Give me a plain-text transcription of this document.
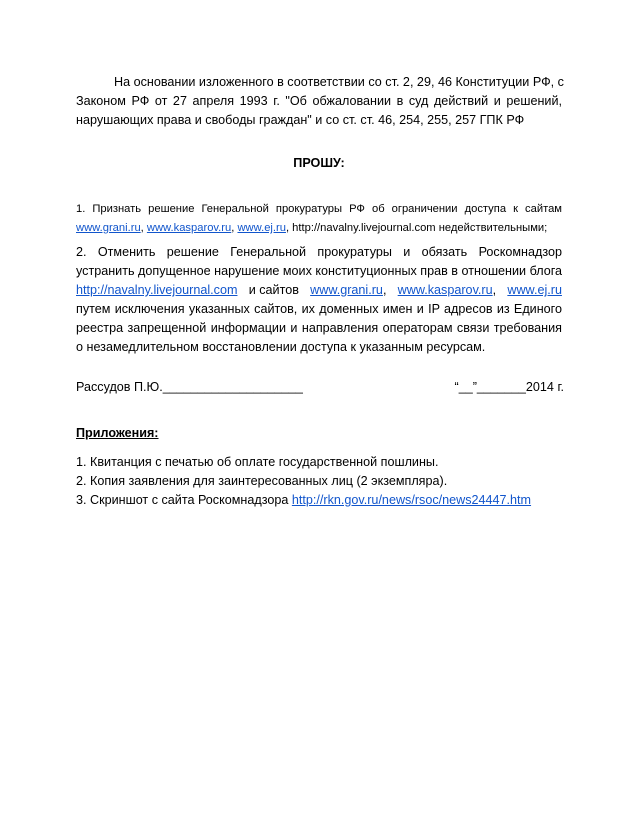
На основании изложенного в соответствии со ст. 2, 29, 46 Конституции РФ, с
Законом РФ от 27 апреля 1993 г. "Об обжаловании в суд действий и решений,
нарушающих права и свободы граждан" и со ст. ст. 46, 254, 255, 257 ГПК РФ
ПРОШУ:
1. Признать решение Генеральной прокуратуры РФ об ограничении доступа к сайтам
www.grani.ru, www.kasparov.ru, www.ej.ru, http://navalny.livejournal.com недействительными;
2. Отменить решение Генеральной прокуратуры и обязать Роскомнадзор
устранить допущенное нарушение моих конституционных прав в отношении блога
http://navalny.livejournal.com и сайтов www.grani.ru, www.kasparov.ru, www.ej.ru
путем исключения указанных сайтов, их доменных имен и IP адресов из Единого
реестра запрещенной информации и направления операторам связи требования
о незамедлительном восстановлении доступа к указанным ресурсам.
Рассудов П.Ю.____________________	“__”_______2014 г.
Приложения:
1. Квитанция с печатью об оплате государственной пошлины.
2. Копия заявления для заинтересованных лиц (2 экземпляра).
3. Скриншот с сайта Роскомнадзора http://rkn.gov.ru/news/rsoc/news24447.htm
